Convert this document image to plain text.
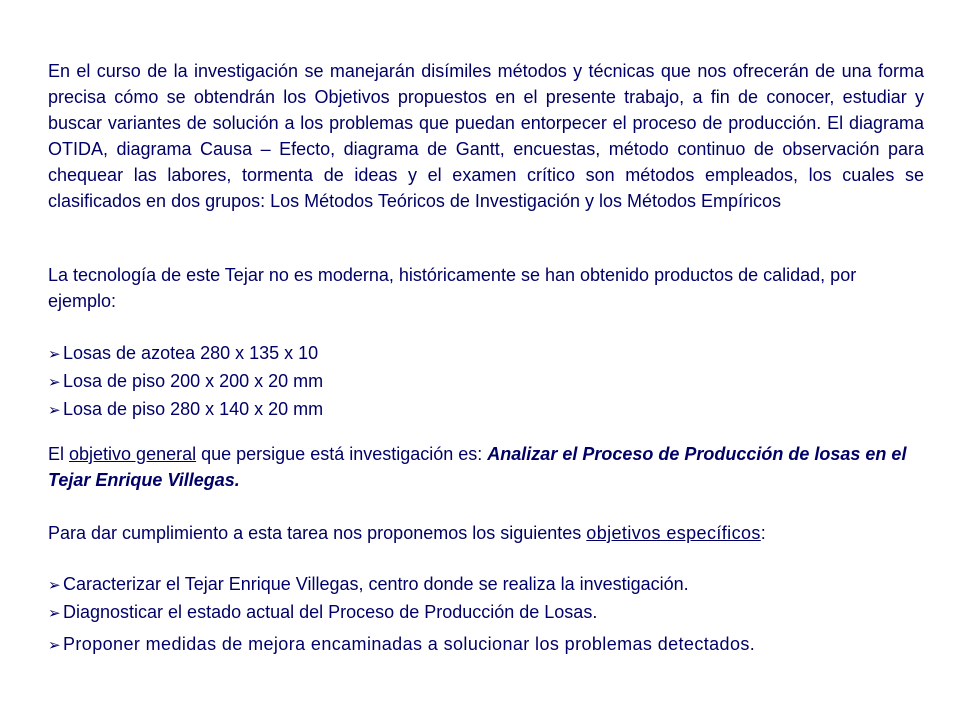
En el curso de la investigación se manejarán disímiles métodos y técnicas que nos ofrecerán de una forma precisa cómo se obtendrán los Objetivos propuestos en el presente trabajo, a fin de conocer, estudiar y buscar variantes de solución a los problemas que puedan entorpecer el proceso de producción. El diagrama OTIDA, diagrama Causa – Efecto, diagrama de Gantt, encuestas, método continuo de observación para chequear las labores, tormenta de ideas y el examen crítico son métodos empleados, los cuales se clasificados en dos grupos: Los Métodos Teóricos de Investigación y los Métodos Empíricos

La tecnología de este Tejar no es moderna, históricamente se han obtenido productos de calidad, por ejemplo:

➢ Losas de azotea 280 x 135 x 10
➢ Losa de piso 200 x 200 x 20 mm
➢ Losa de piso 280 x 140 x 20 mm

El objetivo general que persigue está investigación es: Analizar el Proceso de Producción de losas en el Tejar Enrique Villegas.

Para dar cumplimiento a esta tarea nos proponemos los siguientes objetivos específicos:

➢ Caracterizar el Tejar Enrique Villegas, centro donde se realiza la investigación.
➢ Diagnosticar el estado actual del Proceso de Producción de Losas.
➢ Proponer medidas de mejora encaminadas a solucionar los problemas detectados.
